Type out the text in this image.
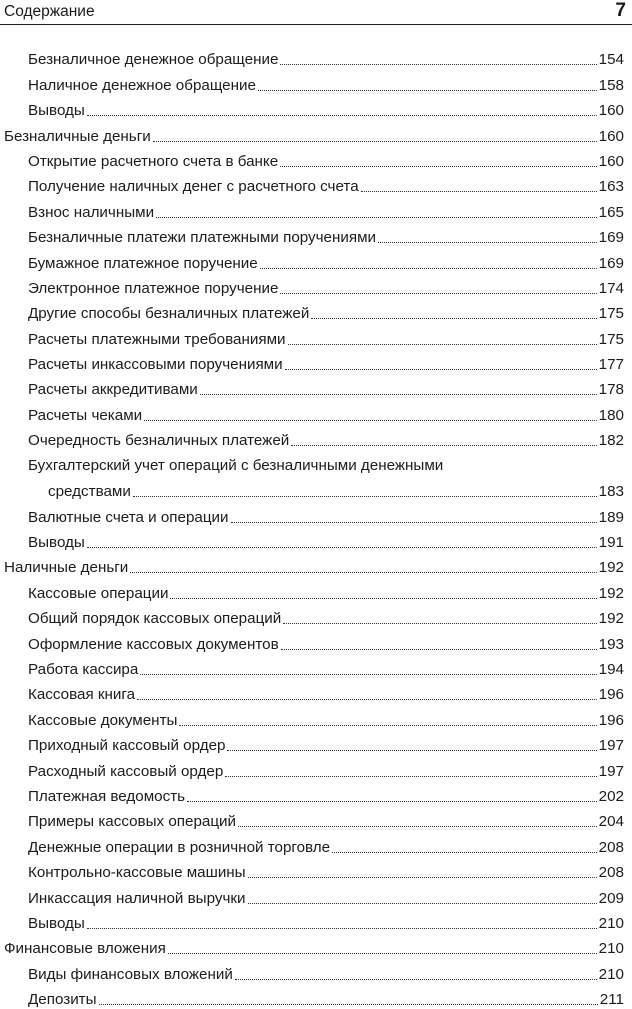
Содержание	7
Безналичное денежное обращение	154
Наличное денежное обращение	158
Выводы	160
Безналичные деньги	160
Открытие расчетного счета в банке	160
Получение наличных денег с расчетного счета	163
Взнос наличными	165
Безналичные платежи платежными поручениями	169
Бумажное платежное поручение	169
Электронное платежное поручение	174
Другие способы безналичных платежей	175
Расчеты платежными требованиями	175
Расчеты инкассовыми поручениями	177
Расчеты аккредитивами	178
Расчеты чеками	180
Очередность безналичных платежей	182
Бухгалтерский учет операций с безналичными денежными
средствами	183
Валютные счета и операции	189
Выводы	191
Наличные деньги	192
Кассовые операции	192
Общий порядок кассовых операций	192
Оформление кассовых документов	193
Работа кассира	194
Кассовая книга	196
Кассовые документы	196
Приходный кассовый ордер	197
Расходный кассовый ордер	197
Платежная ведомость	202
Примеры кассовых операций	204
Денежные операции в розничной торговле	208
Контрольно-кассовые машины	208
Инкассация наличной выручки	209
Выводы	210
Финансовые вложения	210
Виды финансовых вложений	210
Депозиты	211
